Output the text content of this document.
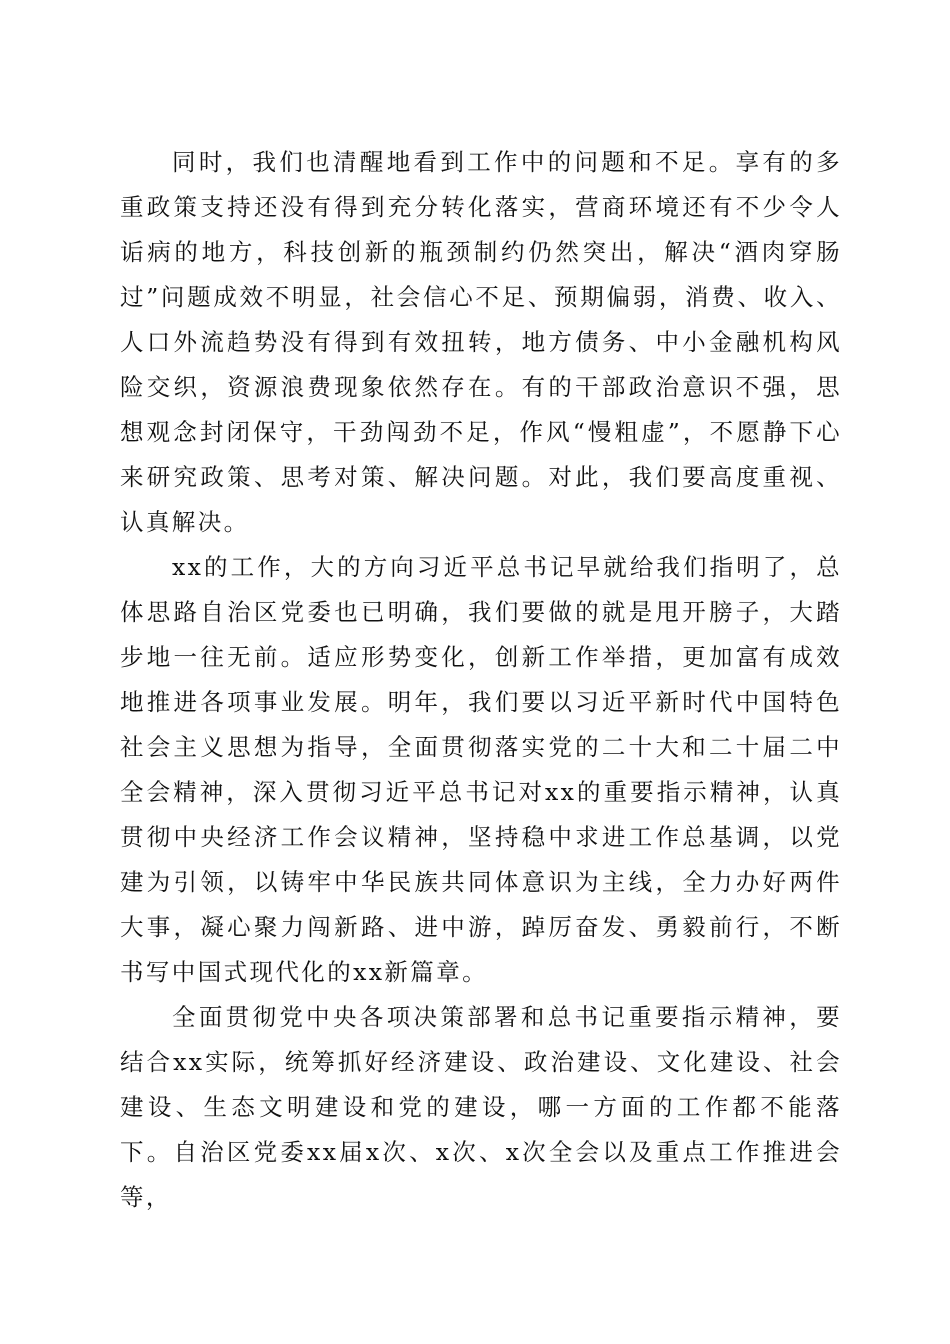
同时，我们也清醒地看到工作中的问题和不足。享有的多重政策支持还没有得到充分转化落实，营商环境还有不少令人诟病的地方，科技创新的瓶颈制约仍然突出，解决“酒肉穿肠过”问题成效不明显，社会信心不足、预期偏弱，消费、收入、人口外流趋势没有得到有效扭转，地方债务、中小金融机构风险交织，资源浪费现象依然存在。有的干部政治意识不强，思想观念封闭保守，干劲闯劲不足，作风“慢粗虚”，不愿静下心来研究政策、思考对策、解决问题。对此，我们要高度重视、认真解决。

xx的工作，大的方向习近平总书记早就给我们指明了，总体思路自治区党委也已明确，我们要做的就是甩开膀子，大踏步地一往无前。适应形势变化，创新工作举措，更加富有成效地推进各项事业发展。明年，我们要以习近平新时代中国特色社会主义思想为指导，全面贯彻落实党的二十大和二十届二中全会精神，深入贯彻习近平总书记对xx的重要指示精神，认真贯彻中央经济工作会议精神，坚持稳中求进工作总基调，以党建为引领，以铸牢中华民族共同体意识为主线，全力办好两件大事，凝心聚力闯新路、进中游，踔厉奋发、勇毅前行，不断书写中国式现代化的xx新篇章。

全面贯彻党中央各项决策部署和总书记重要指示精神，要结合xx实际，统筹抓好经济建设、政治建设、文化建设、社会建设、生态文明建设和党的建设，哪一方面的工作都不能落下。自治区党委xx届x次、x次、x次全会以及重点工作推进会等，
